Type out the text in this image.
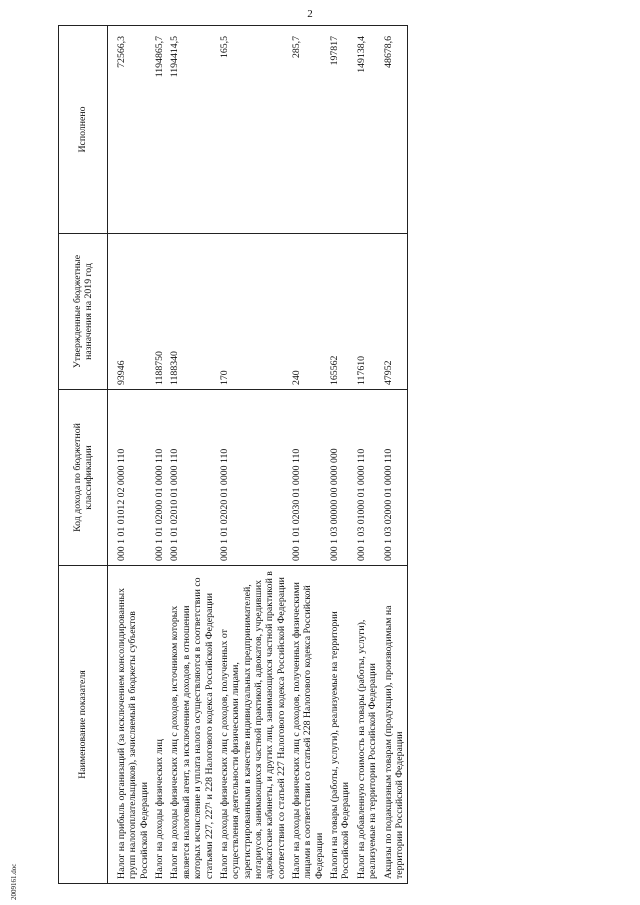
2
Наименование показателя	Код дохода по бюджетной классификации	Утвержденные бюджетные назначения на 2019 год	Исполнено
Налог на прибыль организаций (за исключением консолидированных групп налогоплательщиков), зачисляемый в бюджеты субъектов Российской Федерации	000 1 01 01012 02 0000 110	93946	72566,3
Налог на доходы физических лиц	000 1 01 02000 01 0000 110	1188750	1194865,7
Налог на доходы физических лиц с доходов, источником которых является налоговый агент, за исключением доходов, в отношении которых исчисление и уплата налога осуществляются в соответствии со статьями 227, 227¹ и 228 Налогового кодекса Российской Федерации	000 1 01 02010 01 0000 110	1188340	1194414,5
Налог на доходы физических лиц с доходов, полученных от осуществления деятельности физическими лицами, зарегистрированными в качестве индивидуальных предпринимателей, нотариусов, занимающихся частной практикой, адвокатов, учредивших адвокатские кабинеты, и других лиц, занимающихся частной практикой в соответствии со статьей 227 Налогового кодекса Российской Федерации	000 1 01 02020 01 0000 110	170	165,5
Налог на доходы физических лиц с доходов, полученных физическими лицами в соответствии со статьей 228 Налогового кодекса Российской Федерации	000 1 01 02030 01 0000 110	240	285,7
Налоги на товары (работы, услуги), реализуемые на территории Российской Федерации	000 1 03 00000 00 0000 000	165562	197817
Налог на добавленную стоимость на товары (работы, услуги), реализуемые на территории Российской Федерации	000 1 03 01000 01 0000 110	117610	149138,4
Акцизы по подакцизным товарам (продукции), производимым на территории Российской Федерации	000 1 03 02000 01 0000 110	47952	48678,6
2009161.doc
